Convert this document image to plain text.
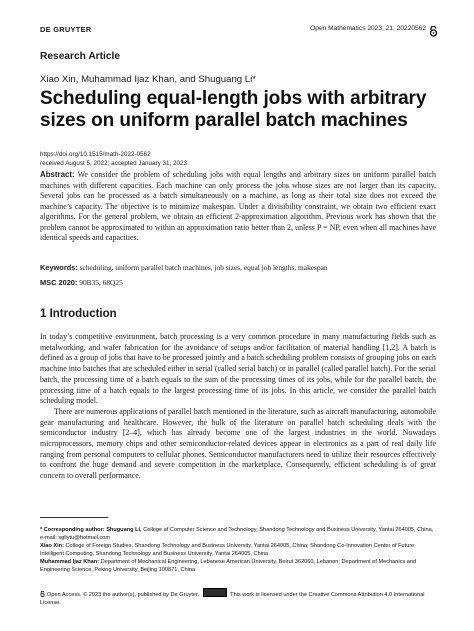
DE GRUYTER	Open Mathematics 2023; 21: 20220562
Research Article
Xiao Xin, Muhammad Ijaz Khan, and Shuguang Li*
Scheduling equal-length jobs with arbitrary sizes on uniform parallel batch machines
https://doi.org/10.1515/math-2022-0562
received August 5, 2022; accepted January 31, 2023
Abstract: We consider the problem of scheduling jobs with equal lengths and arbitrary sizes on uniform parallel batch machines with different capacities. Each machine can only process the jobs whose sizes are not larger than its capacity. Several jobs can be processed as a batch simultaneously on a machine, as long as their total size does not exceed the machine’s capacity. The objective is to minimize makespan. Under a divisibility constraint, we obtain two efficient exact algorithms. For the general problem, we obtain an efficient 2-approximation algorithm. Previous work has shown that the problem cannot be approximated to within an approximation ratio better than 2, unless P = NP, even when all machines have identical speeds and capacities.
Keywords: scheduling, uniform parallel batch machines, job sizes, equal job lengths, makespan
MSC 2020: 90B35, 68Q25
1 Introduction

In today’s competitive environment, batch processing is a very common procedure in many manufacturing fields such as metalworking, and wafer fabrication for the avoidance of setups and/or facilitation of material handling [1,2]. A batch is defined as a group of jobs that have to be processed jointly and a batch scheduling problem consists of grouping jobs on each machine into batches that are scheduled either in serial (called serial batch) or in parallel (called parallel batch). For the serial batch, the processing time of a batch equals to the sum of the processing times of its jobs, while for the parallel batch, the processing time of a batch equals to the largest processing time of its jobs. In this article, we consider the parallel batch scheduling model.

There are numerous applications of parallel batch mentioned in the literature, such as aircraft manufacturing, automobile gear manufacturing and healthcare. However, the bulk of the literature on parallel batch scheduling deals with the semiconductor industry [2–4], which has already become one of the largest industries in the world. Nowadays microprocessors, memory chips and other semiconductor-related devices appear in electronics as a part of real daily life ranging from personal computers to cellular phones. Semiconductor manufacturers need to utilize their resources effectively to confront the huge demand and severe competition in the marketplace. Consequently, efficient scheduling is of great concern to overall performance.

* Corresponding author: Shuguang Li, College of Computer Science and Technology, Shandong Technology and Business University, Yantai 264005, China, e-mail: sgliytu@hotmail.com

Xiao Xin: College of Foreign Studies, Shandong Technology and Business University, Yantai 264005, China; Shandong Co-Innovation Center of Future Intelligent Computing, Shandong Technology and Business University, Yantai 264005, China

Muhammad Ijaz Khan: Department of Mechanical Engineering, Lebanese American University, Beirut 362060, Lebanon; Department of Mechanics and Engineering Science, Peking University, Beijing 100871, China

Open Access. © 2023 the author(s), published by De Gruyter.	This work is licensed under the Creative Commons Attribution 4.0 International License.
